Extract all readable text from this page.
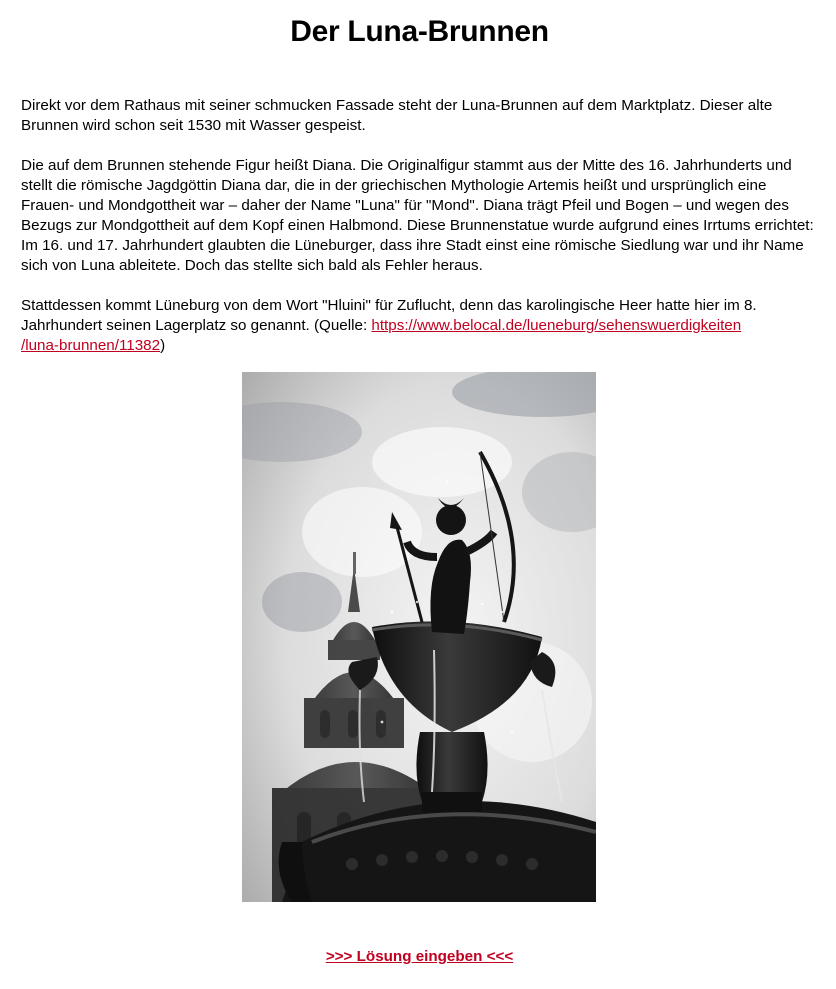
Der Luna-Brunnen

Direkt vor dem Rathaus mit seiner schmucken Fassade steht der Luna-Brunnen auf dem Marktplatz. Dieser alte Brunnen wird schon seit 1530 mit Wasser gespeist.

Die auf dem Brunnen stehende Figur heißt Diana. Die Originalfigur stammt aus der Mitte des 16. Jahrhunderts und stellt die römische Jagdgöttin Diana dar, die in der griechischen Mythologie Artemis heißt und ursprünglich eine Frauen- und Mondgottheit war – daher der Name "Luna" für "Mond". Diana trägt Pfeil und Bogen – und wegen des Bezugs zur Mondgottheit auf dem Kopf einen Halbmond. Diese Brunnenstatue wurde aufgrund eines Irrtums errichtet: Im 16. und 17. Jahrhundert glaubten die Lüneburger, dass ihre Stadt einst eine römische Siedlung war und ihr Name sich von Luna ableitete. Doch das stellte sich bald als Fehler heraus.

Stattdessen kommt Lüneburg von dem Wort "Hluini" für Zuflucht, denn das karolingische Heer hatte hier im 8. Jahrhundert seinen Lagerplatz so genannt. (Quelle: https://www.belocal.de/lueneburg/sehenswuerdigkeiten
/luna-brunnen/11382)

>>> Lösung eingeben <<<
